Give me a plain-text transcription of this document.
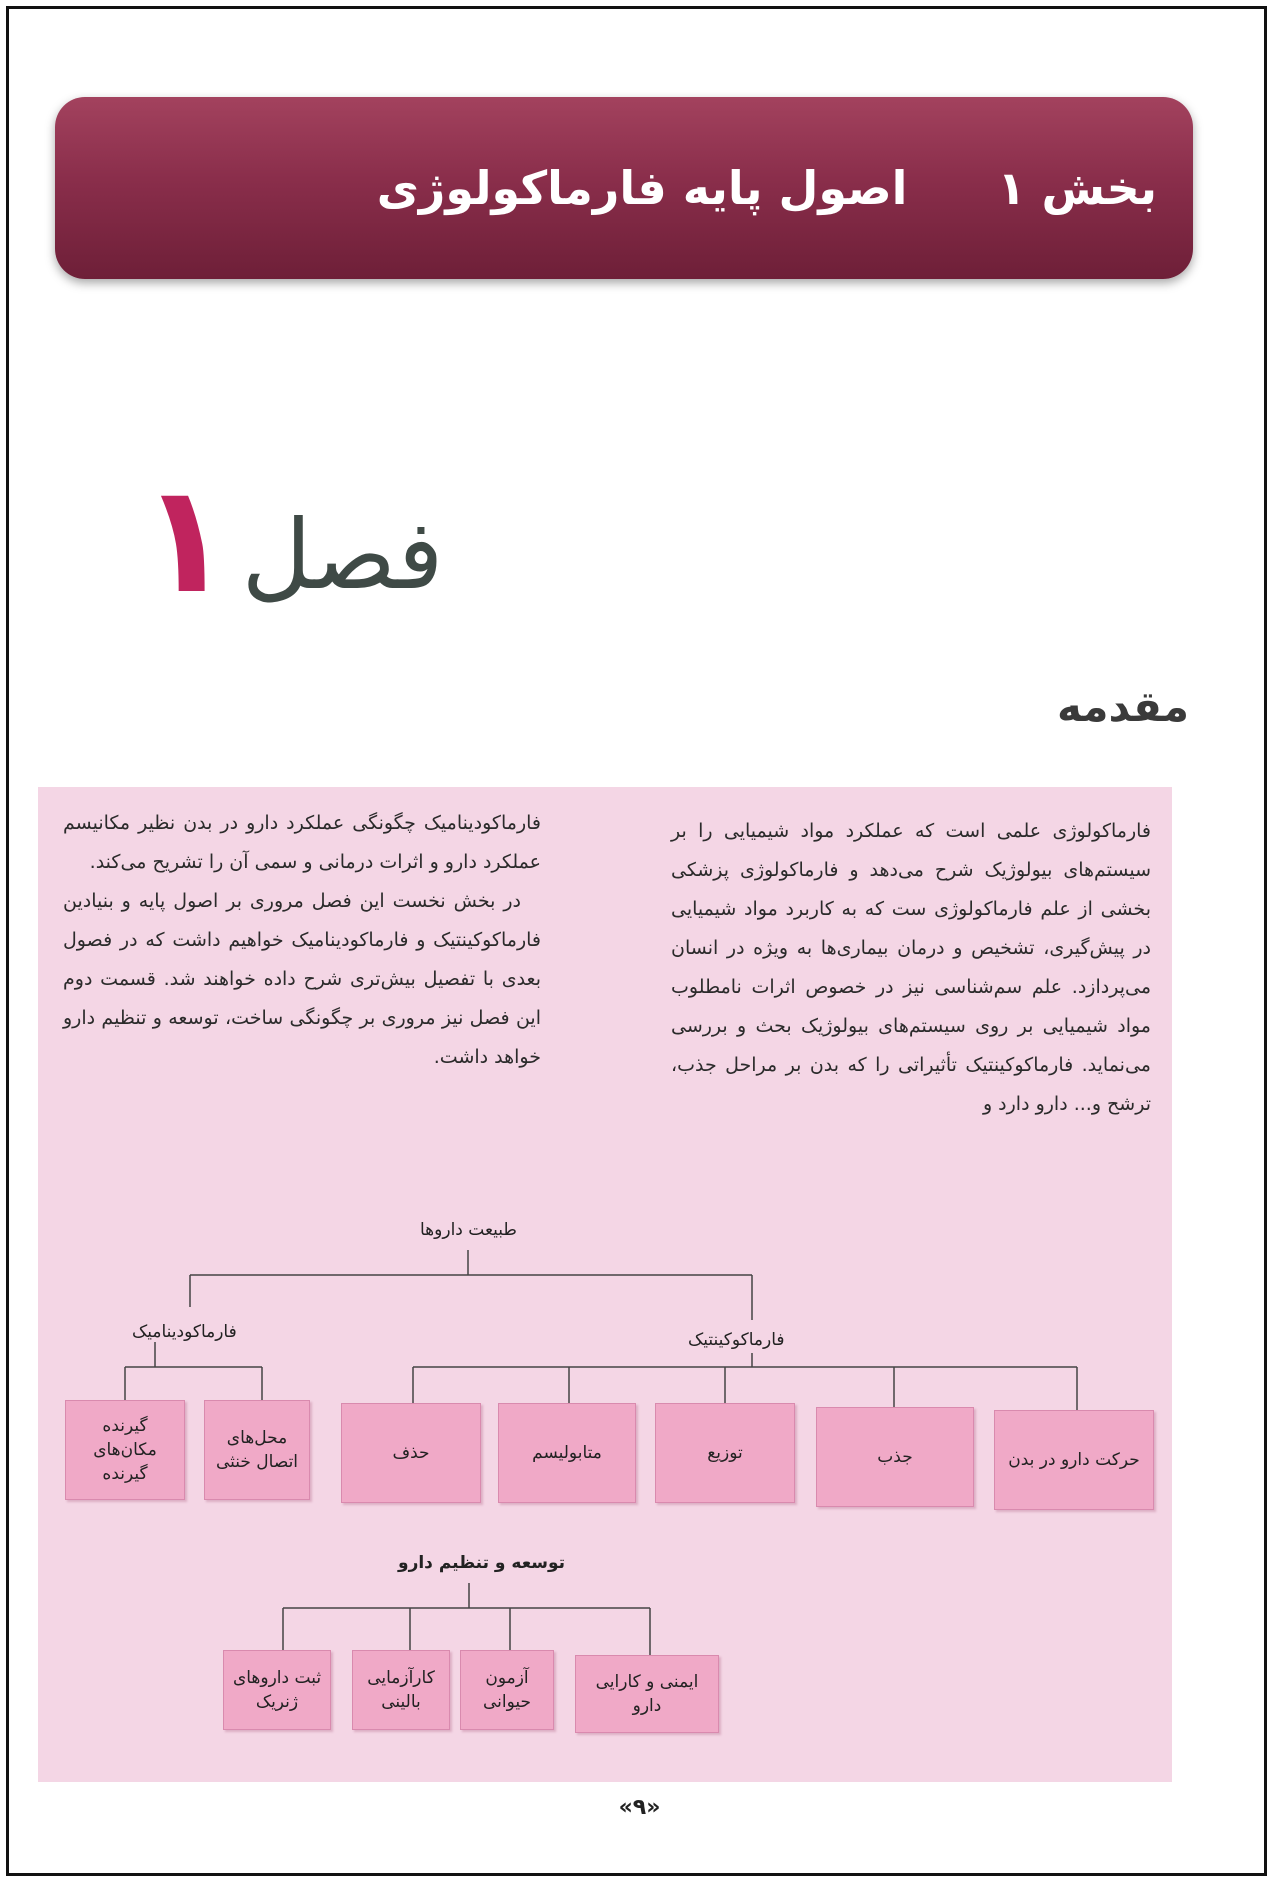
بخش ۱
اصول پایه فارماکولوژی
۱ فصل
مقدمه

فارماکولوژی علمی است که عملکرد مواد شیمیایی را بر سیستم‌های بیولوژیک شرح می‌دهد و فارماکولوژی پزشکی بخشی از علم فارماکولوژی ست که به کاربرد مواد شیمیایی در پیش‌گیری، تشخیص و درمان بیماری‌ها به ویژه در انسان می‌پردازد. علم سم‌شناسی نیز در خصوص اثرات نامطلوب مواد شیمیایی بر روی سیستم‌های بیولوژیک بحث و بررسی می‌نماید. فارماکوکینتیک تأثیراتی را که بدن بر مراحل جذب، ترشح و... دارو دارد و

فارماکودینامیک چگونگی عملکرد دارو در بدن نظیر مکانیسم عملکرد دارو و اثرات درمانی و سمی آن را تشریح می‌کند.

در بخش نخست این فصل مروری بر اصول پایه و بنیادین فارماکوکینتیک و فارماکودینامیک خواهیم داشت که در فصول بعدی با تفصیل بیش‌تری شرح داده خواهند شد. قسمت دوم این فصل نیز مروری بر چگونگی ساخت، توسعه و تنظیم دارو خواهد داشت.

طبیعت داروها
فارماکودینامیک	فارماکوکینتیک
توسعه و تنظیم دارو
محل‌های اتصال خنثی
گیرنده مکان‌های گیرنده
حرکت دارو در بدن
جذب
توزیع
متابولیسم
حذف
ایمنی و کارایی دارو
آزمون حیوانی
کارآزمایی بالینی
ثبت داروهای ژنریک
«۹»
